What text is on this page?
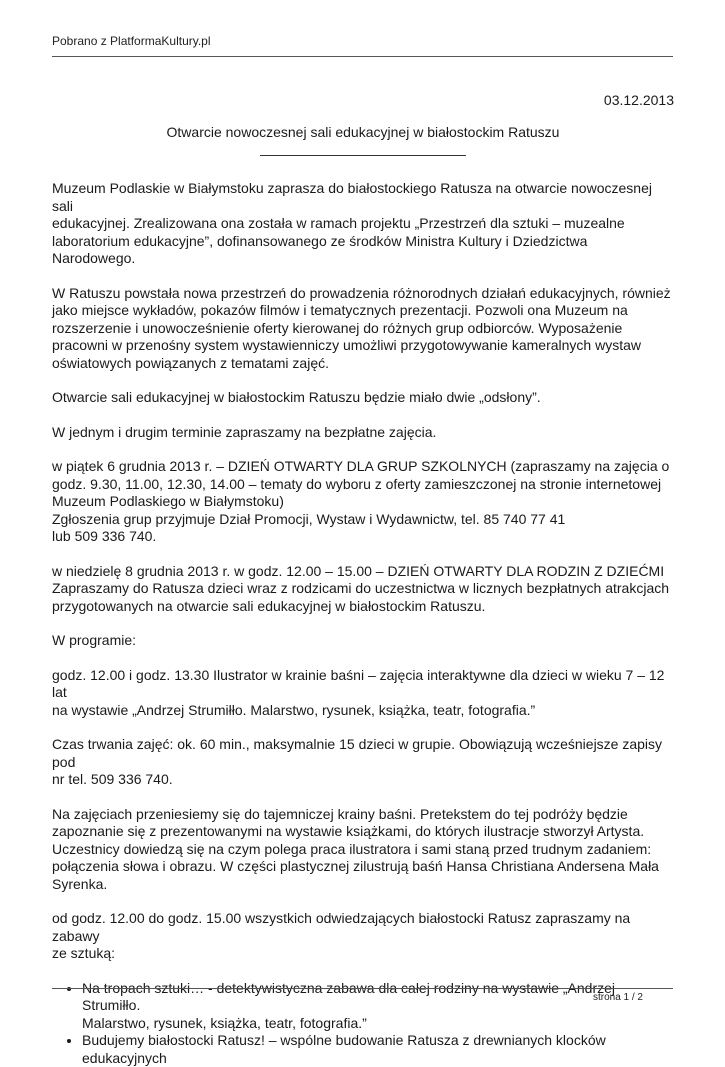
Pobrano z PlatformaKultury.pl

03.12.2013

Otwarcie nowoczesnej sali edukacyjnej w białostockim Ratuszu

Muzeum Podlaskie w Białymstoku zaprasza do białostockiego Ratusza na otwarcie nowoczesnej sali
edukacyjnej. Zrealizowana ona została w ramach projektu „Przestrzeń dla sztuki – muzealne
laboratorium edukacyjne”, dofinansowanego ze środków Ministra Kultury i Dziedzictwa Narodowego.

W Ratuszu powstała nowa przestrzeń do prowadzenia różnorodnych działań edukacyjnych, również
jako miejsce wykładów, pokazów filmów i tematycznych prezentacji. Pozwoli ona Muzeum na
rozszerzenie i unowocześnienie oferty kierowanej do różnych grup odbiorców. Wyposażenie
pracowni w przenośny system wystawienniczy umożliwi przygotowywanie kameralnych wystaw
oświatowych powiązanych z tematami zajęć.

Otwarcie sali edukacyjnej w białostockim Ratuszu będzie miało dwie „odsłony”.

W jednym i drugim terminie zapraszamy na bezpłatne zajęcia.

w piątek 6 grudnia 2013 r. – DZIEŃ OTWARTY DLA GRUP SZKOLNYCH (zapraszamy na zajęcia o
godz. 9.30, 11.00, 12.30, 14.00 – tematy do wyboru z oferty zamieszczonej na stronie internetowej
Muzeum Podlaskiego w Białymstoku)
Zgłoszenia grup przyjmuje Dział Promocji, Wystaw i Wydawnictw, tel. 85 740 77 41
lub 509 336 740.

w niedzielę 8 grudnia 2013 r. w godz. 12.00 – 15.00 – DZIEŃ OTWARTY DLA RODZIN Z DZIEĆMI
Zapraszamy do Ratusza dzieci wraz z rodzicami do uczestnictwa w licznych bezpłatnych atrakcjach
przygotowanych na otwarcie sali edukacyjnej w białostockim Ratuszu.

W programie:

godz. 12.00 i godz. 13.30 Ilustrator w krainie baśni – zajęcia interaktywne dla dzieci w wieku 7 – 12 lat
na wystawie „Andrzej Strumiłło. Malarstwo, rysunek, książka, teatr, fotografia.”

Czas trwania zajęć: ok. 60 min., maksymalnie 15 dzieci w grupie. Obowiązują wcześniejsze zapisy pod
nr tel. 509 336 740.

Na zajęciach przeniesiemy się do tajemniczej krainy baśni. Pretekstem do tej podróży będzie
zapoznanie się z prezentowanymi na wystawie książkami, do których ilustracje stworzył Artysta.
Uczestnicy dowiedzą się na czym polega praca ilustratora i sami staną przed trudnym zadaniem:
połączenia słowa i obrazu. W części plastycznej zilustrują baśń Hansa Christiana Andersena Mała
Syrenka.

od godz. 12.00 do godz. 15.00 wszystkich odwiedzających białostocki Ratusz zapraszamy na zabawy
ze sztuką:

• Na tropach sztuki… - detektywistyczna zabawa dla całej rodziny na wystawie „Andrzej Strumiłło.
Malarstwo, rysunek, książka, teatr, fotografia.”
• Budujemy białostocki Ratusz! – wspólne budowanie Ratusza z drewnianych klocków
edukacyjnych
strona 1 / 2
